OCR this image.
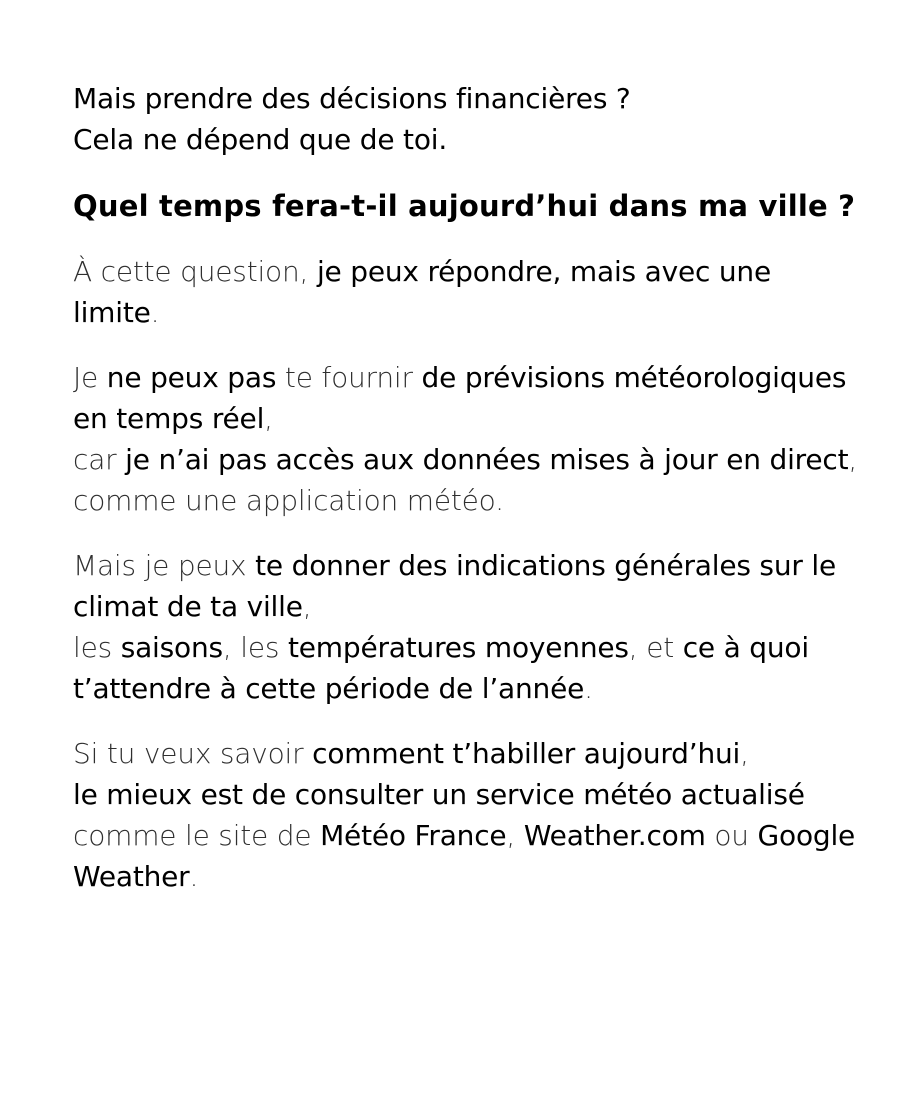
Mais prendre des décisions financières ?
Cela ne dépend que de toi.

Quel temps fera-t-il aujourd’hui dans ma ville ?

À cette question, je peux répondre, mais avec une limite.

Je ne peux pas te fournir de prévisions météorologiques en temps réel,
car je n’ai pas accès aux données mises à jour en direct, comme une application météo.

Mais je peux te donner des indications générales sur le climat de ta ville,
les saisons, les températures moyennes, et ce à quoi t’attendre à cette période de l’année.

Si tu veux savoir comment t’habiller aujourd’hui,
le mieux est de consulter un service météo actualisé
comme le site de Météo France, Weather.com ou Google Weather.
